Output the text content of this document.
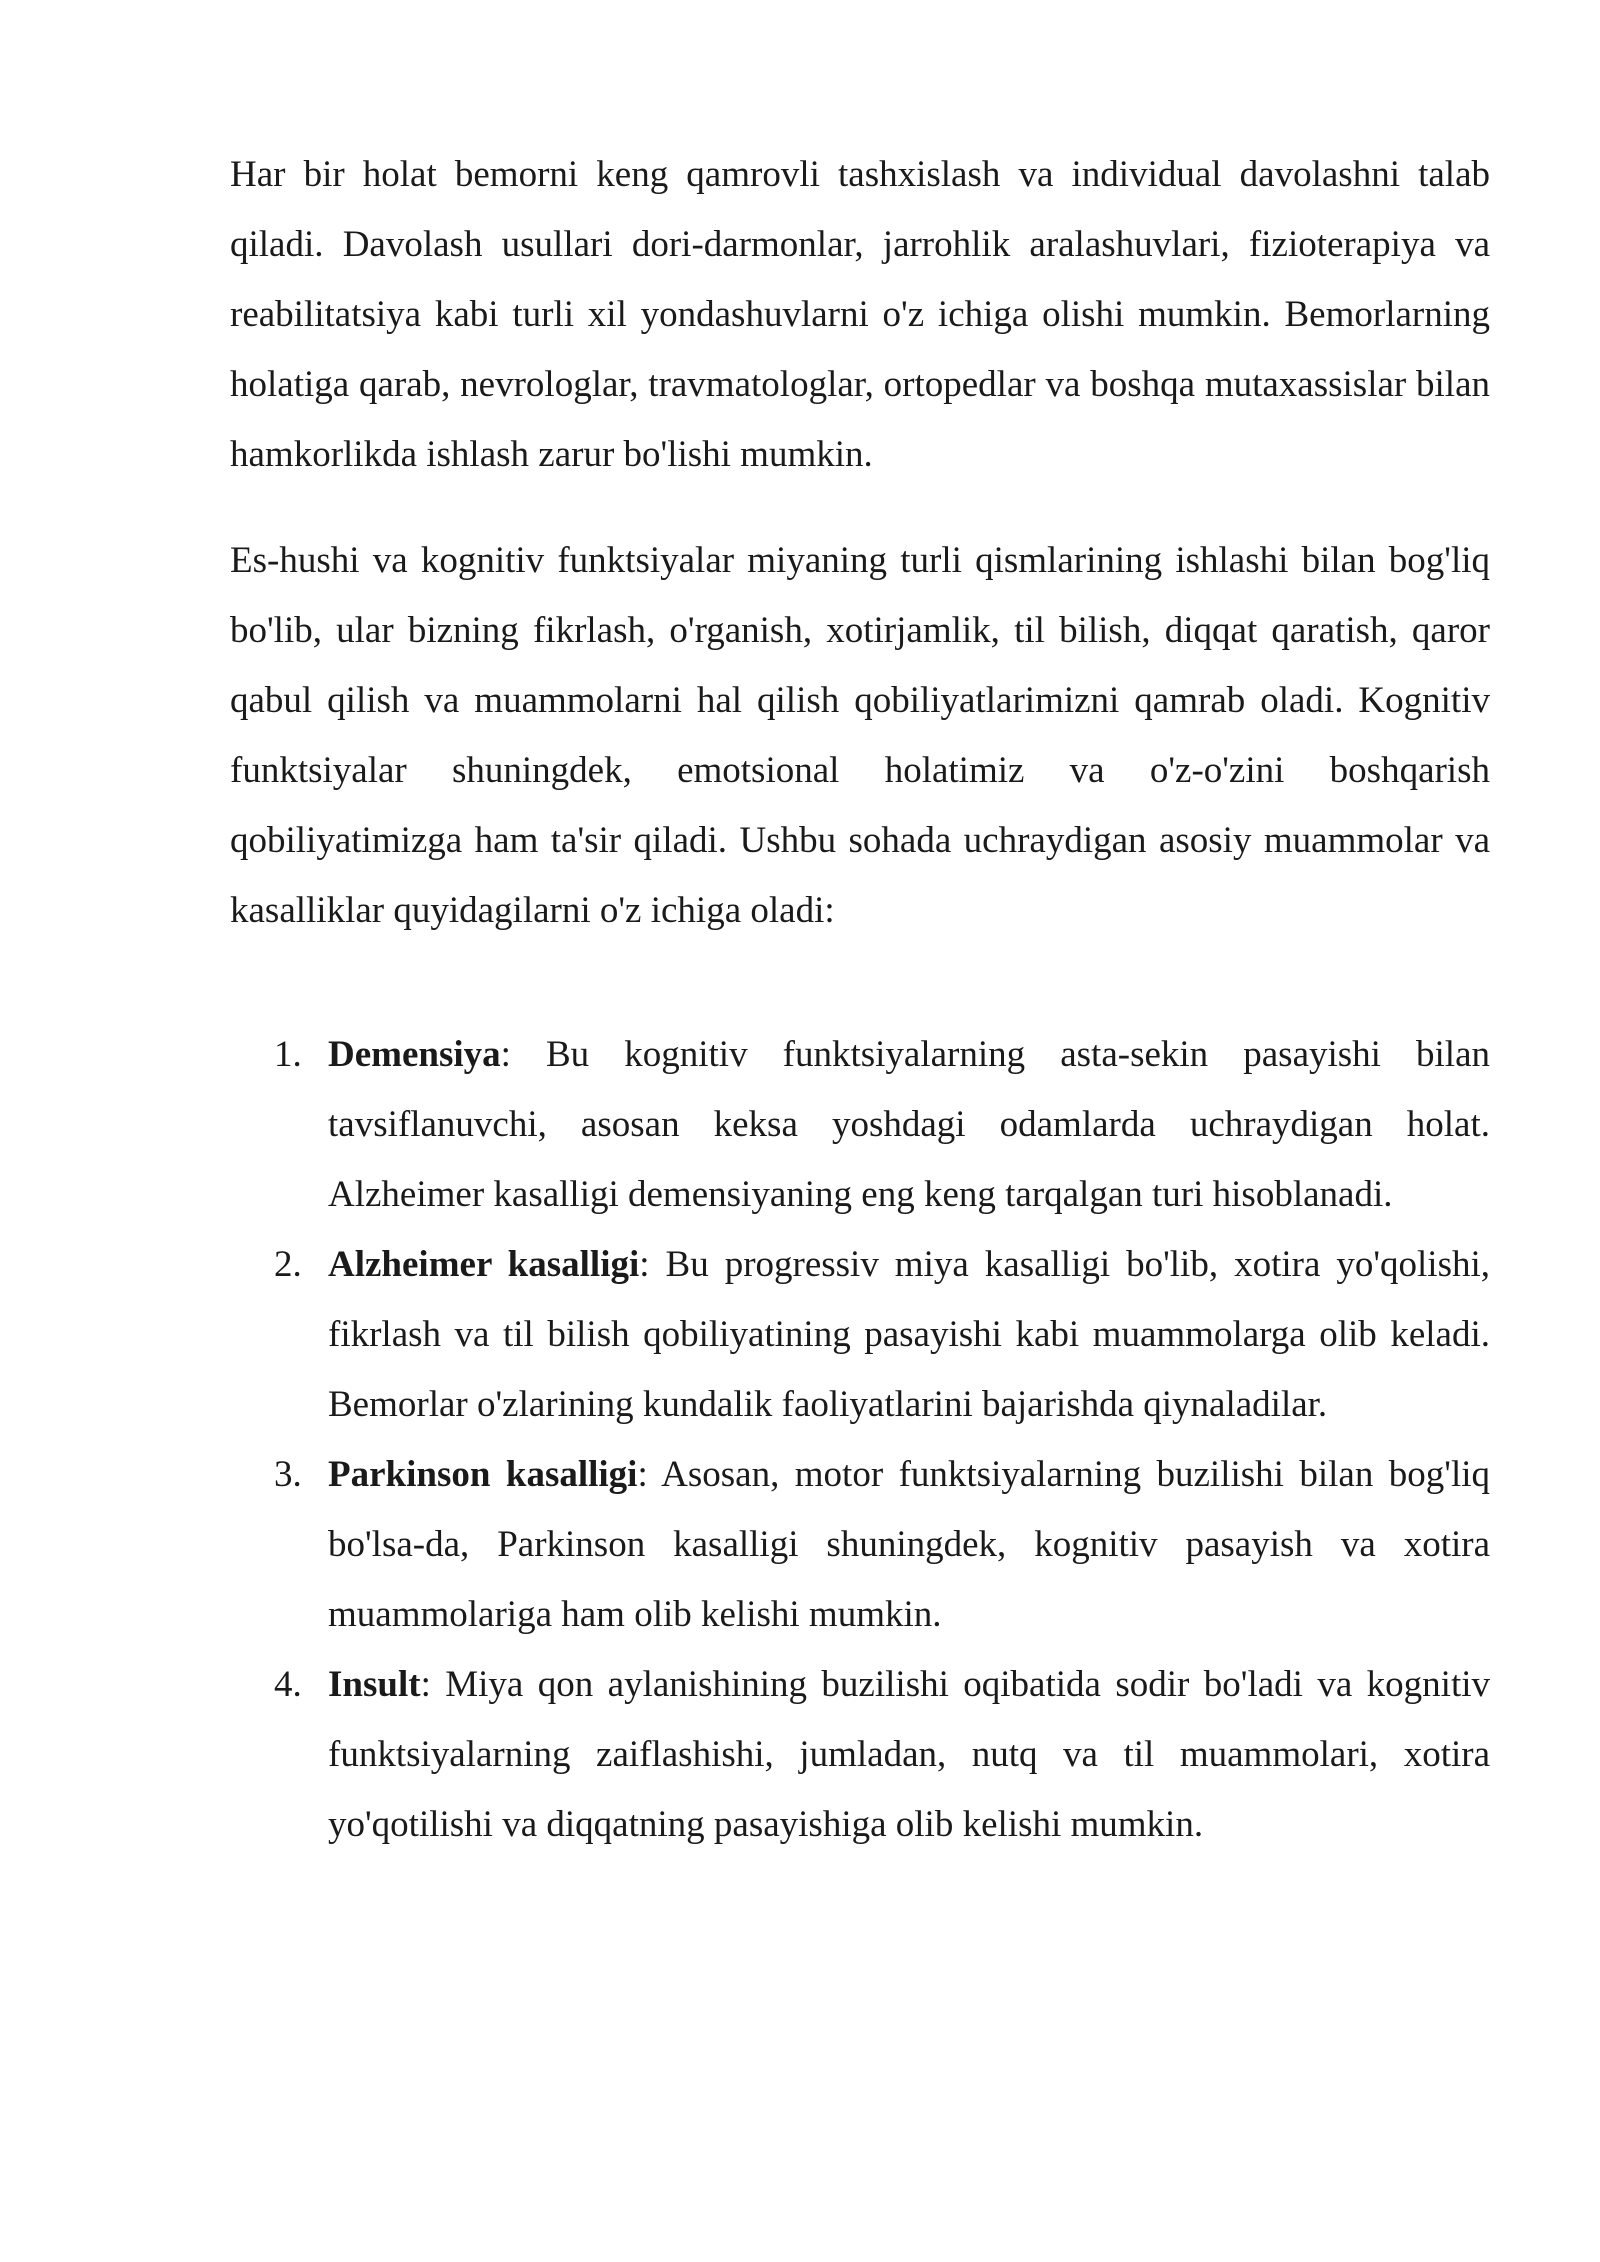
Har bir holat bemorni keng qamrovli tashxislash va individual davolashni talab qiladi. Davolash usullari dori-darmonlar, jarrohlik aralashuvlari, fizioterapiya va reabilitatsiya kabi turli xil yondashuvlarni o'z ichiga olishi mumkin. Bemorlarning holatiga qarab, nevrologlar, travmatologlar, ortopedlar va boshqa mutaxassislar bilan hamkorlikda ishlash zarur bo'lishi mumkin.

Es-hushi va kognitiv funktsiyalar miyaning turli qismlarining ishlashi bilan bog'liq bo'lib, ular bizning fikrlash, o'rganish, xotirjamlik, til bilish, diqqat qaratish, qaror qabul qilish va muammolarni hal qilish qobiliyatlarimizni qamrab oladi. Kognitiv funktsiyalar shuningdek, emotsional holatimiz va o'z-o'zini boshqarish qobiliyatimizga ham ta'sir qiladi. Ushbu sohada uchraydigan asosiy muammolar va kasalliklar quyidagilarni o'z ichiga oladi:

1. Demensiya: Bu kognitiv funktsiyalarning asta-sekin pasayishi bilan tavsiflanuvchi, asosan keksa yoshdagi odamlarda uchraydigan holat. Alzheimer kasalligi demensiyaning eng keng tarqalgan turi hisoblanadi.
2. Alzheimer kasalligi: Bu progressiv miya kasalligi bo'lib, xotira yo'qolishi, fikrlash va til bilish qobiliyatining pasayishi kabi muammolarga olib keladi. Bemorlar o'zlarining kundalik faoliyatlarini bajarishda qiynaladilar.
3. Parkinson kasalligi: Asosan, motor funktsiyalarning buzilishi bilan bog'liq bo'lsa-da, Parkinson kasalligi shuningdek, kognitiv pasayish va xotira muammolariga ham olib kelishi mumkin.
4. Insult: Miya qon aylanishining buzilishi oqibatida sodir bo'ladi va kognitiv funktsiyalarning zaiflashishi, jumladan, nutq va til muammolari, xotira yo'qotilishi va diqqatning pasayishiga olib kelishi mumkin.
